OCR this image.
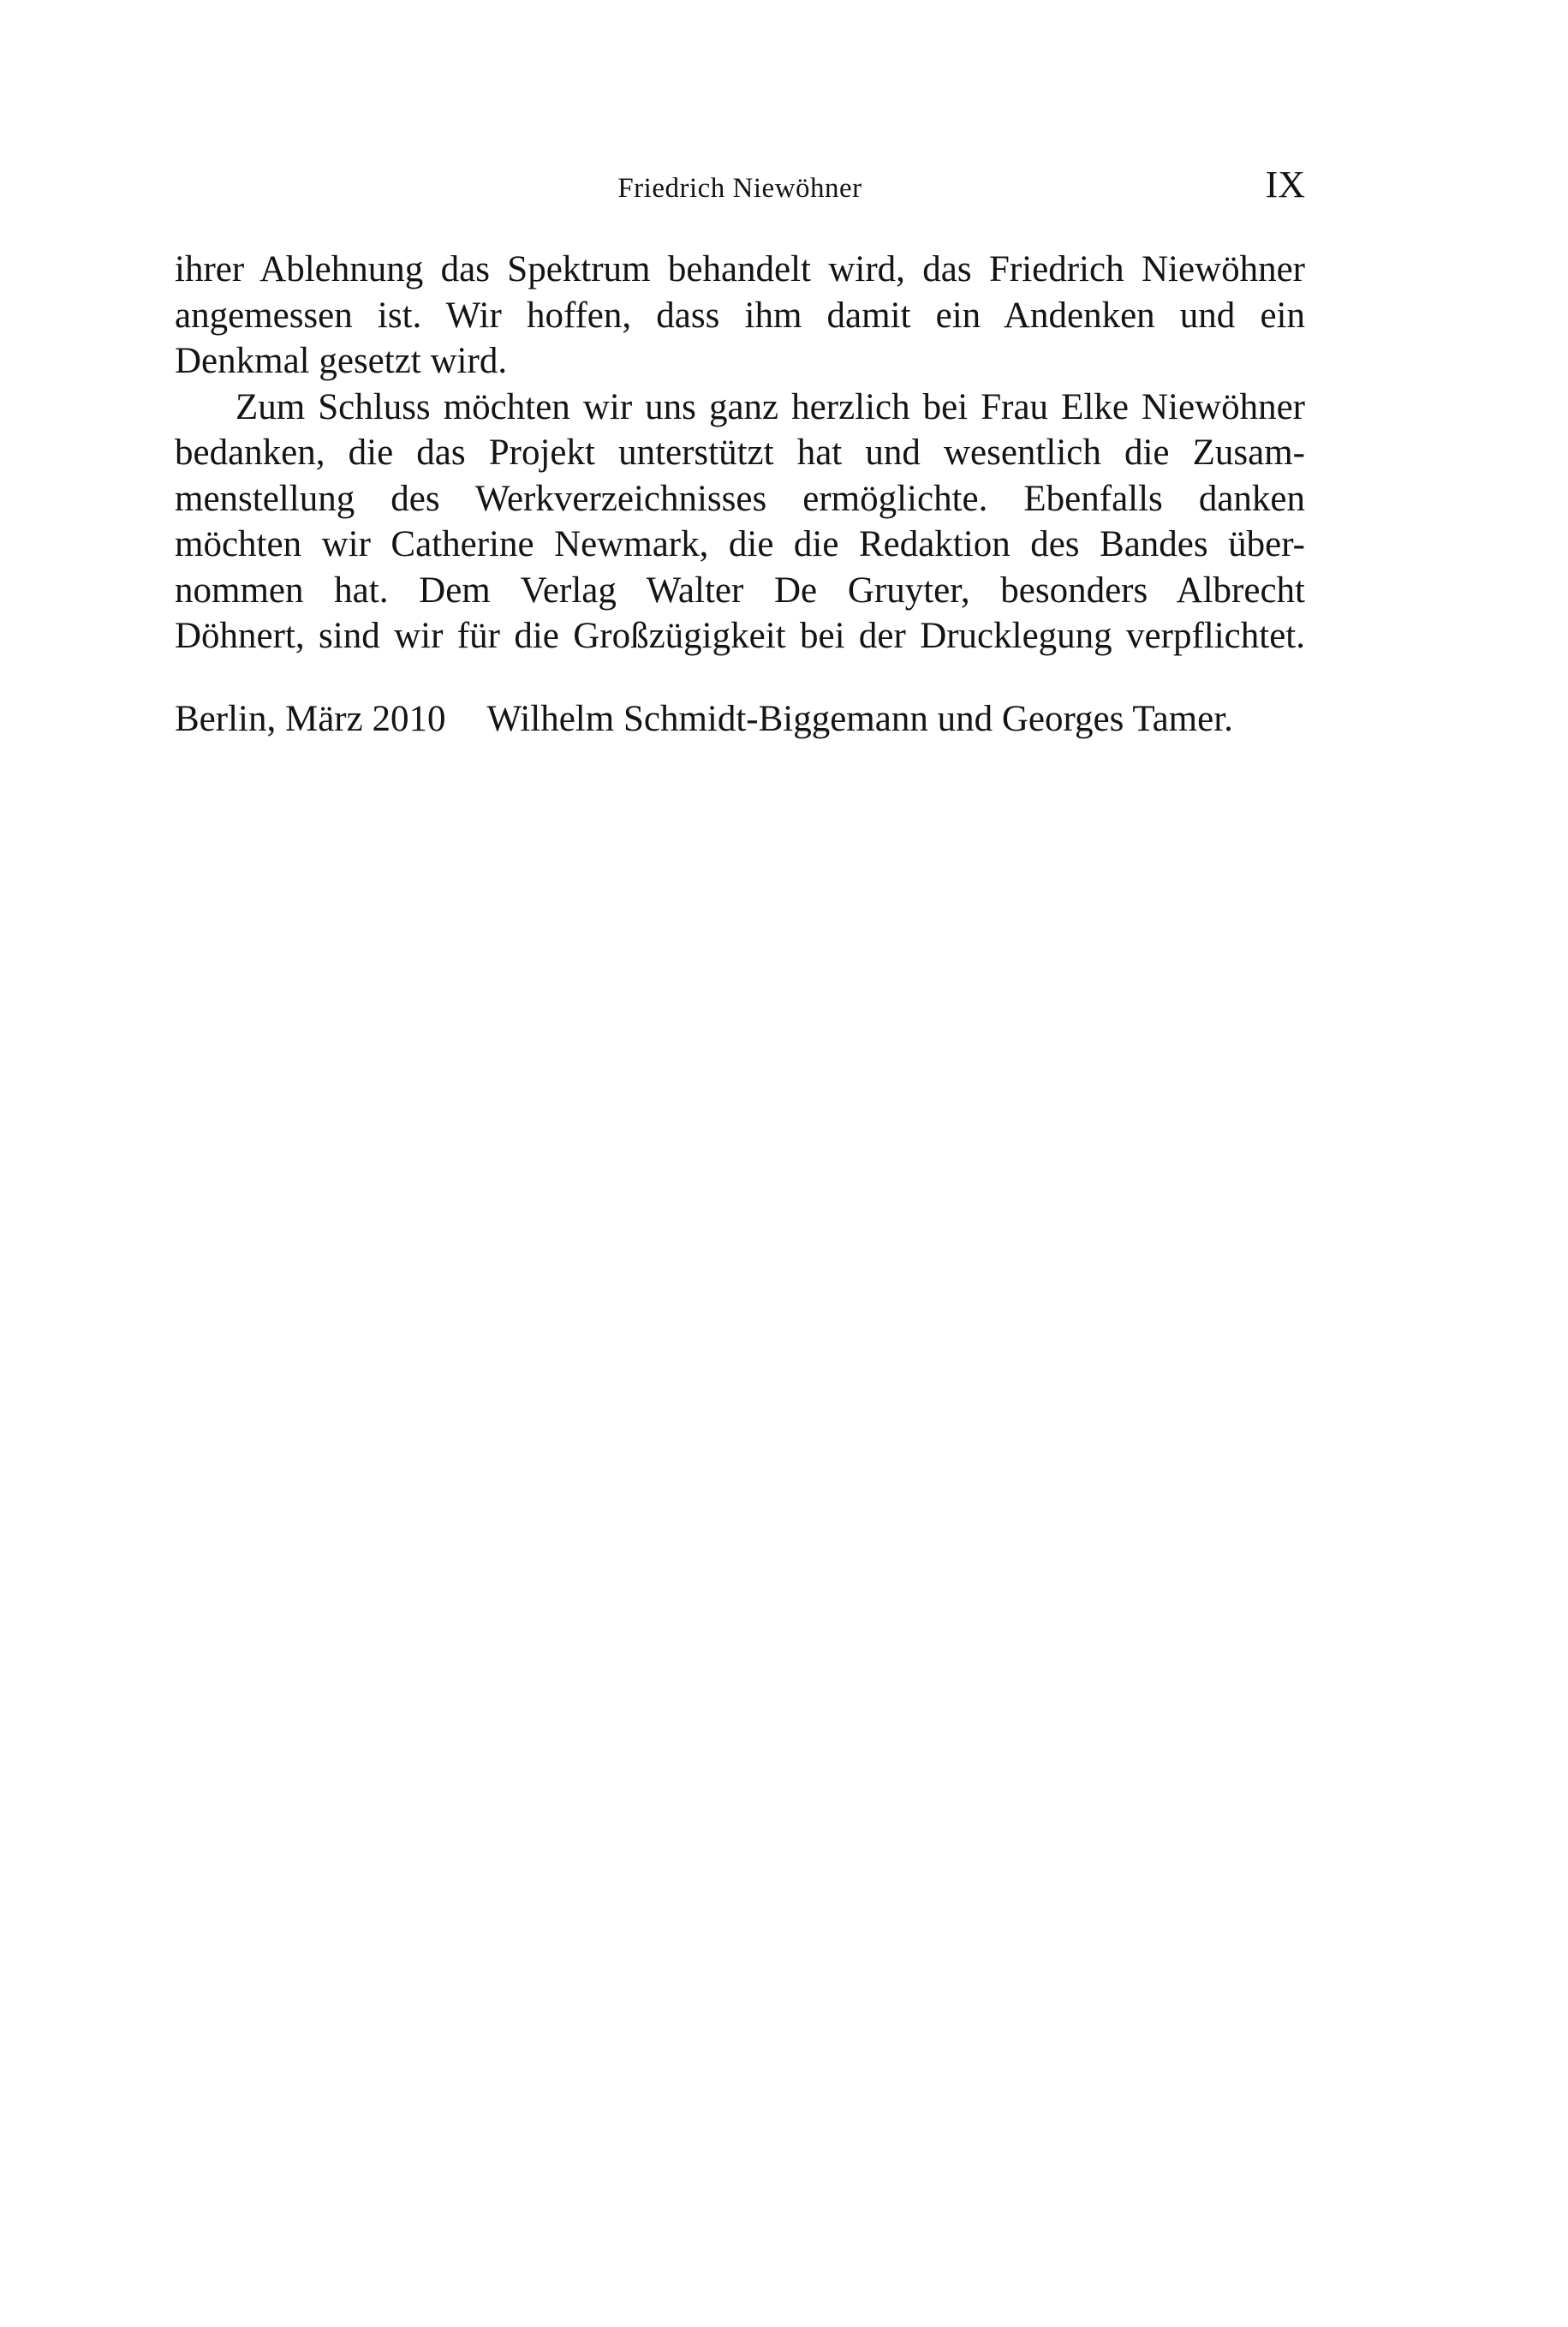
Friedrich Niewöhner	IX
ihrer Ablehnung das Spektrum behandelt wird, das Friedrich Niewöhner
angemessen ist. Wir hoffen, dass ihm damit ein Andenken und ein
Denkmal gesetzt wird.
Zum Schluss möchten wir uns ganz herzlich bei Frau Elke Niewöhner
bedanken, die das Projekt unterstützt hat und wesentlich die Zusam-
menstellung des Werkverzeichnisses ermöglichte. Ebenfalls danken
möchten wir Catherine Newmark, die die Redaktion des Bandes über-
nommen hat. Dem Verlag Walter De Gruyter, besonders Albrecht
Döhnert, sind wir für die Großzügigkeit bei der Drucklegung verpflichtet.
Berlin, März 2010 Wilhelm Schmidt-Biggemann und Georges Tamer.
